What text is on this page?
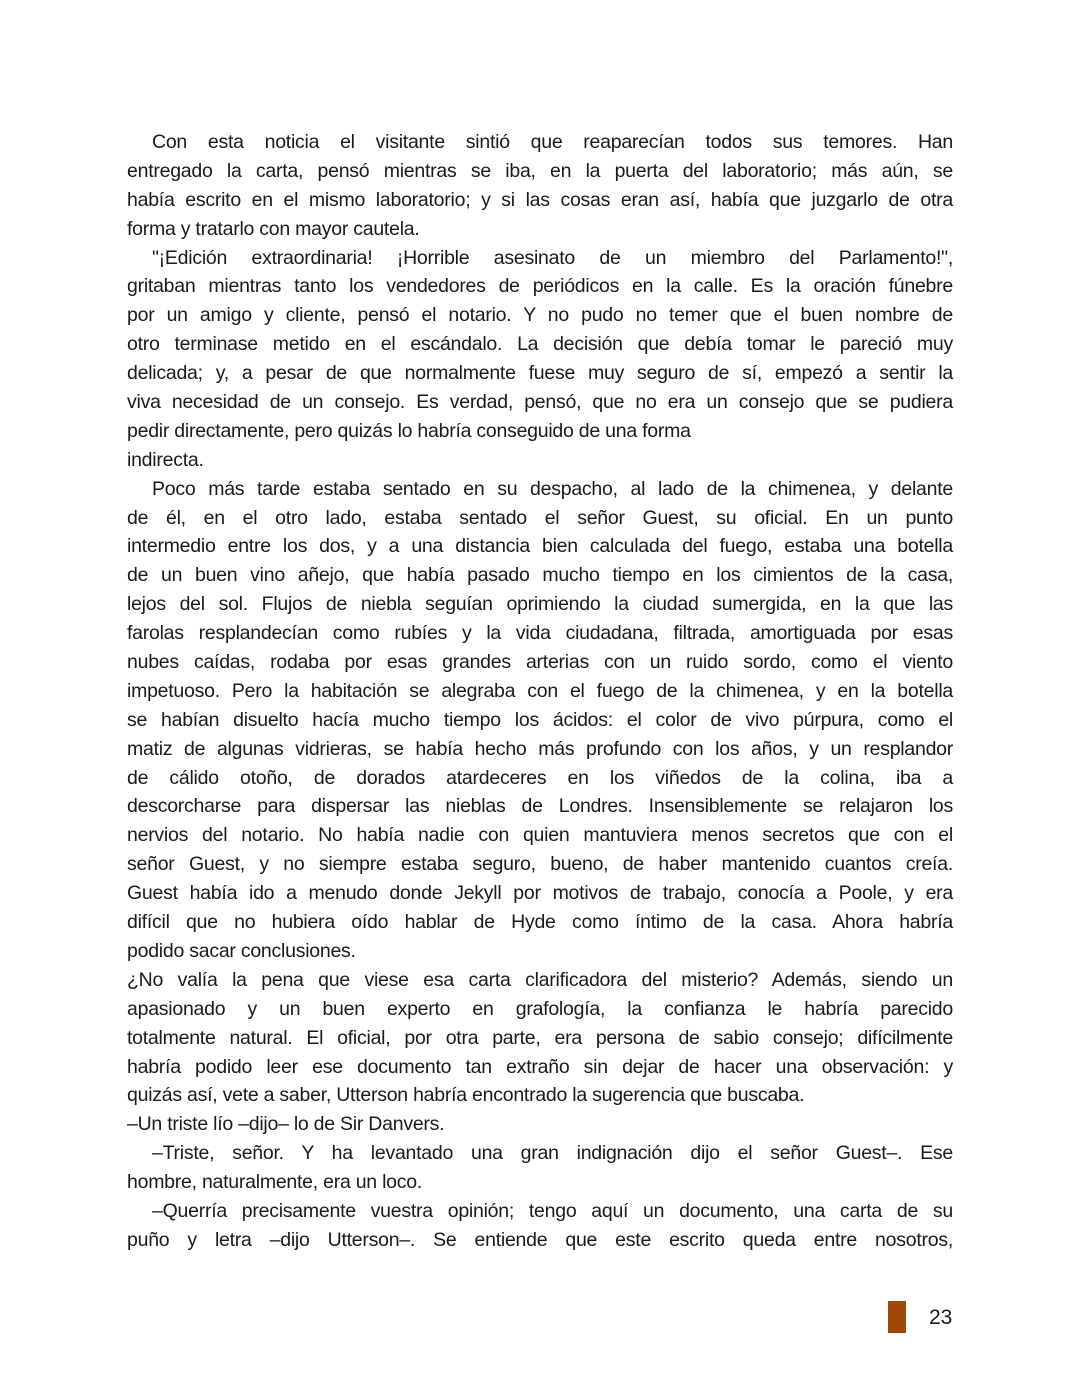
Con esta noticia el visitante sintió que reaparecían todos sus temores. Han
entregado la carta, pensó mientras se iba, en la puerta del laboratorio; más aún, se
había escrito en el mismo laboratorio; y si las cosas eran así, había que juzgarlo de otra
forma y tratarlo con mayor cautela.
"¡Edición extraordinaria! ¡Horrible asesinato de un miembro del Parlamento!",
gritaban mientras tanto los vendedores de periódicos en la calle. Es la oración fúnebre
por un amigo y cliente, pensó el notario. Y no pudo no temer que el buen nombre de
otro terminase metido en el escándalo. La decisión que debía tomar le pareció muy
delicada; y, a pesar de que normalmente fuese muy seguro de sí, empezó a sentir la
viva necesidad de un consejo. Es verdad, pensó, que no era un consejo que se pudiera
pedir directamente, pero quizás lo habría conseguido de una forma
indirecta.
Poco más tarde estaba sentado en su despacho, al lado de la chimenea, y delante
de él, en el otro lado, estaba sentado el señor Guest, su oficial. En un punto
intermedio entre los dos, y a una distancia bien calculada del fuego, estaba una botella
de un buen vino añejo, que había pasado mucho tiempo en los cimientos de la casa,
lejos del sol. Flujos de niebla seguían oprimiendo la ciudad sumergida, en la que las
farolas resplandecían como rubíes y la vida ciudadana, filtrada, amortiguada por esas
nubes caídas, rodaba por esas grandes arterias con un ruido sordo, como el viento
impetuoso. Pero la habitación se alegraba con el fuego de la chimenea, y en la botella
se habían disuelto hacía mucho tiempo los ácidos: el color de vivo púrpura, como el
matiz de algunas vidrieras, se había hecho más profundo con los años, y un resplandor
de cálido otoño, de dorados atardeceres en los viñedos de la colina, iba a
descorcharse para dispersar las nieblas de Londres. Insensiblemente se relajaron los
nervios del notario. No había nadie con quien mantuviera menos secretos que con el
señor Guest, y no siempre estaba seguro, bueno, de haber mantenido cuantos creía.
Guest había ido a menudo donde Jekyll por motivos de trabajo, conocía a Poole, y era
difícil que no hubiera oído hablar de Hyde como íntimo de la casa. Ahora habría
podido sacar conclusiones.
¿No valía la pena que viese esa carta clarificadora del misterio? Además, siendo un
apasionado y un buen experto en grafología, la confianza le habría parecido
totalmente natural. El oficial, por otra parte, era persona de sabio consejo; difícilmente
habría podido leer ese documento tan extraño sin dejar de hacer una observación: y
quizás así, vete a saber, Utterson habría encontrado la sugerencia que buscaba.
–Un triste lío –dijo– lo de Sir Danvers.
–Triste, señor. Y ha levantado una gran indignación dijo el señor Guest–. Ese
hombre, naturalmente, era un loco.
–Querría precisamente vuestra opinión; tengo aquí un documento, una carta de su
puño y letra –dijo Utterson–. Se entiende que este escrito queda entre nosotros,
23
